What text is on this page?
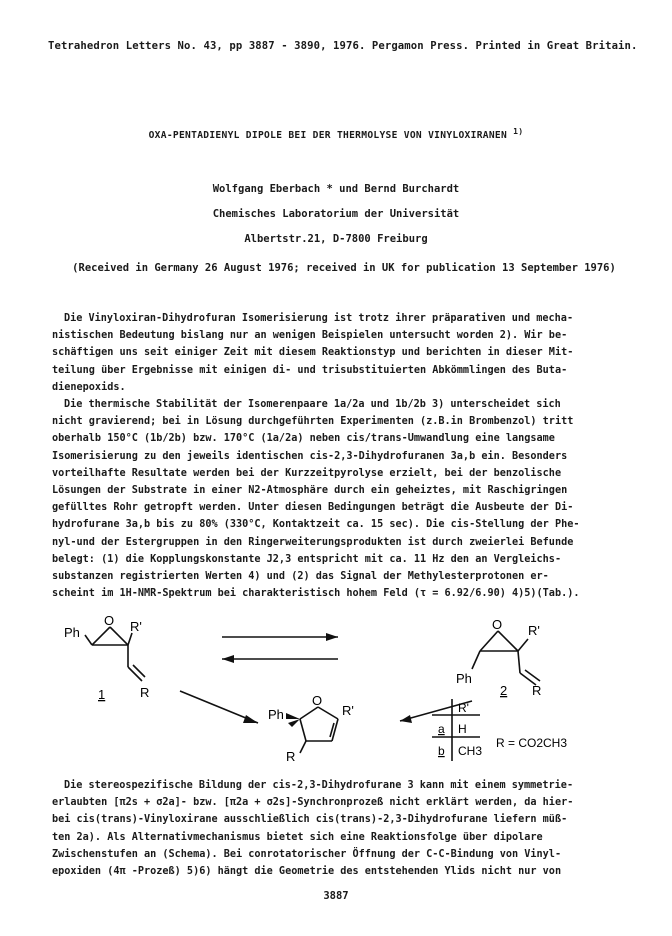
Tetrahedron Letters No. 43, pp 3887 - 3890, 1976. Pergamon Press. Printed in Great Britain.
OXA-PENTADIENYL DIPOLE BEI DER THERMOLYSE VON VINYLOXIRANEN $^{1)}$
Wolfgang Eberbach * und Bernd Burchardt
Chemisches Laboratorium der Universität
Albertstr.21, D-7800 Freiburg
(Received in Germany 26 August 1976; received in UK for publication 13 September 1976)
Die Vinyloxiran-Dihydrofuran Isomerisierung ist trotz ihrer präparativen und mecha-
nistischen Bedeutung bislang nur an wenigen Beispielen untersucht worden 2). Wir be-
schäftigen uns seit einiger Zeit mit diesem Reaktionstyp und berichten in dieser Mit-
teilung über Ergebnisse mit einigen di- und trisubstituierten Abkömmlingen des Buta-
dienepoxids.
Die thermische Stabilität der Isomerenpaare 1a/2a und 1b/2b 3) unterscheidet sich
nicht gravierend; bei in Lösung durchgeführten Experimenten (z.B.in Brombenzol) tritt
oberhalb 150°C (1b/2b) bzw. 170°C (1a/2a) neben cis/trans-Umwandlung eine langsame
Isomerisierung zu den jeweils identischen cis-2,3-Dihydrofuranen 3a,b ein. Besonders
vorteilhafte Resultate werden bei der Kurzzeitpyrolyse erzielt, bei der benzolische
Lösungen der Substrate in einer N2-Atmosphäre durch ein geheiztes, mit Raschigringen
gefülltes Rohr getropft werden. Unter diesen Bedingungen beträgt die Ausbeute der Di-
hydrofurane 3a,b bis zu 80% (330°C, Kontaktzeit ca. 15 sec). Die cis-Stellung der Phe-
nyl-und der Estergruppen in den Ringerweiterungsprodukten ist durch zweierlei Befunde
belegt: (1) die Kopplungskonstante J2,3 entspricht mit ca. 11 Hz den an Vergleichs-
substanzen registrierten Werten 4) und (2) das Signal der Methylesterprotonen er-
scheint im 1H-NMR-Spektrum bei charakteristisch hohem Feld (τ = 6.92/6.90) 4)5)(Tab.).
Ph
O R'
R
1
O R'
Ph
R
2
Ph
O
R'
R
R'
a H
b CH3
R = CO2CH3
Die stereospezifische Bildung der cis-2,3-Dihydrofurane 3 kann mit einem symmetrie-
erlaubten [π2s + σ2a]- bzw. [π2a + σ2s]-Synchronprozeß nicht erklärt werden, da hier-
bei cis(trans)-Vinyloxirane ausschließlich cis(trans)-2,3-Dihydrofurane liefern müß-
ten 2a). Als Alternativmechanismus bietet sich eine Reaktionsfolge über dipolare
Zwischenstufen an (Schema). Bei conrotatorischer Öffnung der C-C-Bindung von Vinyl-
epoxiden (4π -Prozeß) 5)6) hängt die Geometrie des entstehenden Ylids nicht nur von
3887
